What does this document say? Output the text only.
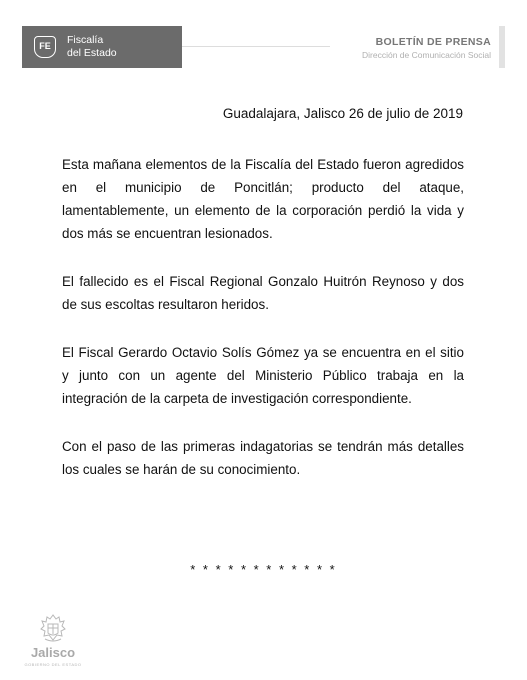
FE	Fiscalía
del Estado
BOLETÍN DE PRENSA
Dirección de Comunicación Social
Guadalajara, Jalisco 26 de julio de 2019

Esta mañana elementos de la Fiscalía del Estado fueron agredidos en el municipio de Poncitlán; producto del ataque, lamentablemente, un elemento de la corporación perdió la vida y dos más se encuentran lesionados.

El fallecido es el Fiscal Regional Gonzalo Huitrón Reynoso y dos de sus escoltas resultaron heridos.

El Fiscal Gerardo Octavio Solís Gómez ya se encuentra en el sitio y junto con un agente del Ministerio Público trabaja en la integración de la carpeta de investigación correspondiente.

Con el paso de las primeras indagatorias se tendrán más detalles los cuales se harán de su conocimiento.

* * * * * * * * * * * *
Jalisco
GOBIERNO DEL ESTADO
